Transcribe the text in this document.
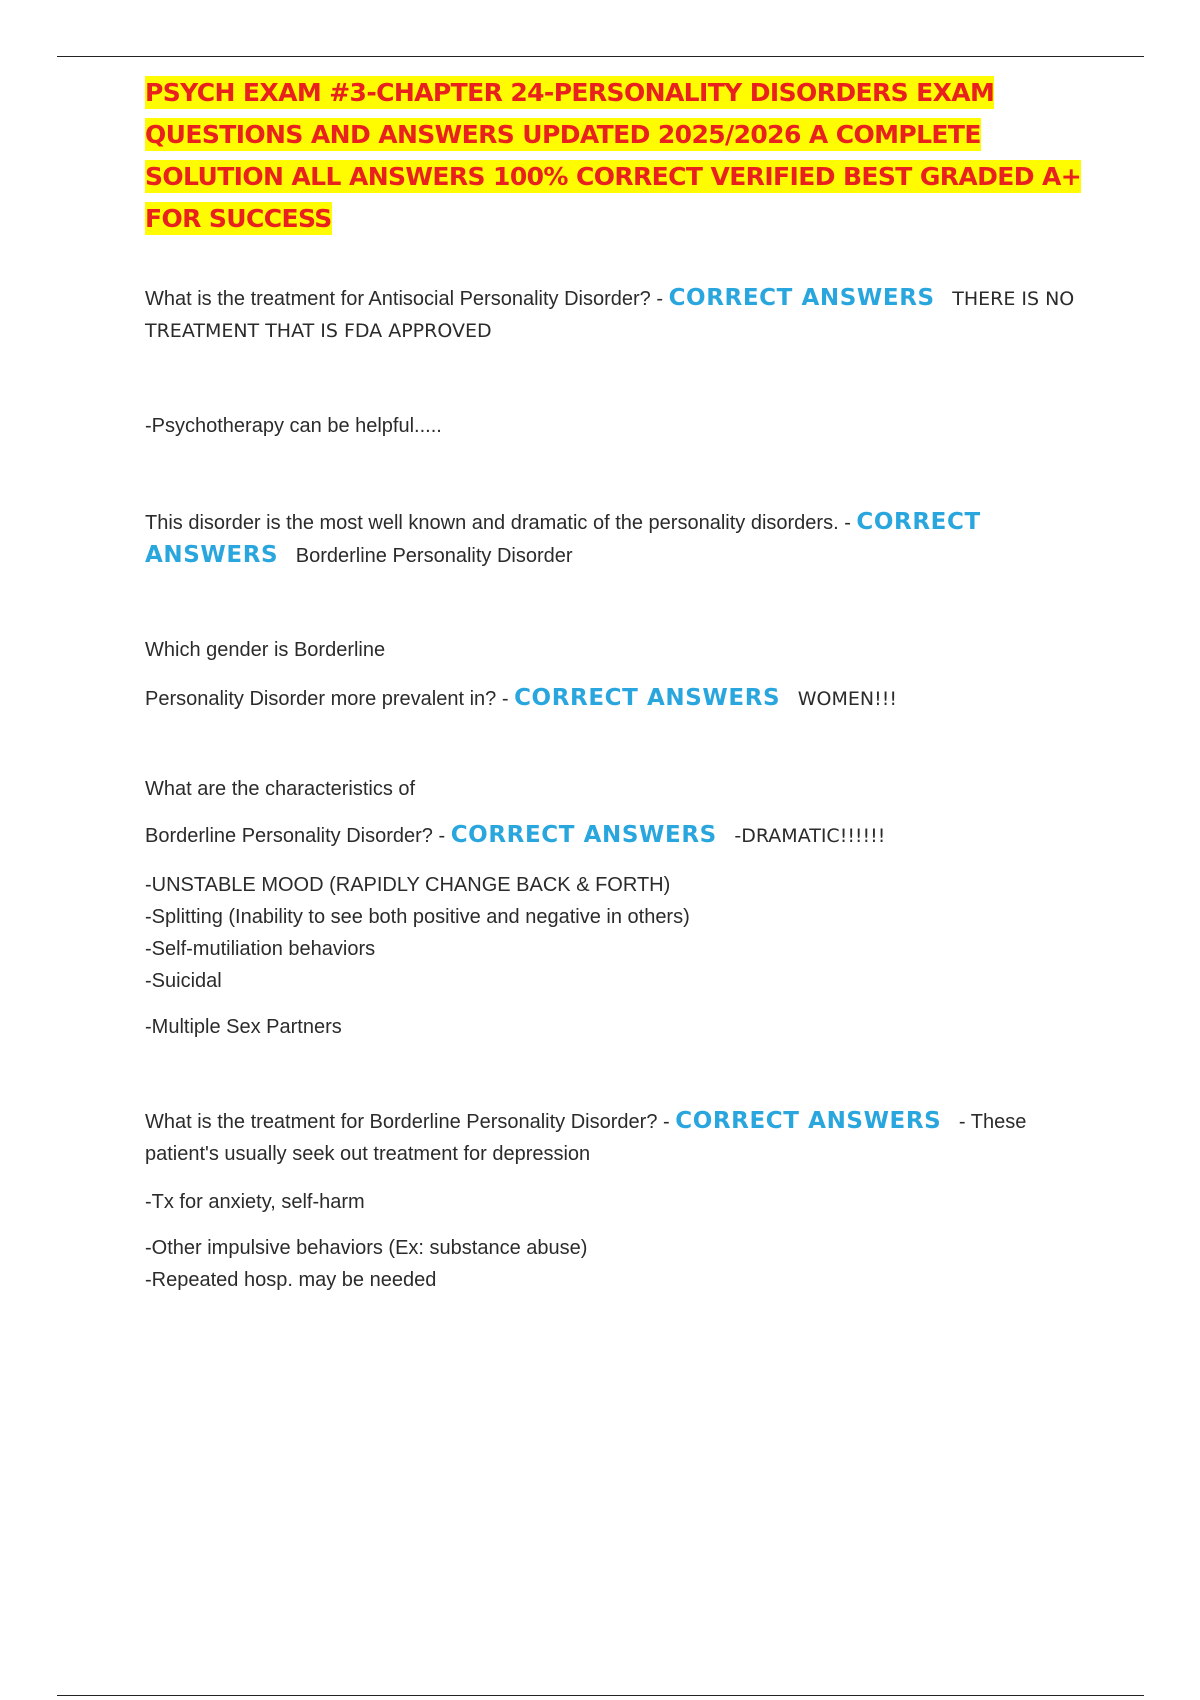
PSYCH EXAM #3-CHAPTER 24-PERSONALITY DISORDERS EXAM QUESTIONS AND ANSWERS UPDATED 2025/2026 A COMPLETE SOLUTION ALL ANSWERS 100% CORRECT VERIFIED BEST GRADED A+ FOR SUCCESS

What is the treatment for Antisocial Personality Disorder? - CORRECT ANSWERS THERE IS NO TREATMENT THAT IS FDA APPROVED

-Psychotherapy can be helpful.....

This disorder is the most well known and dramatic of the personality disorders. - CORRECT ANSWERS Borderline Personality Disorder

Which gender is Borderline

Personality Disorder more prevalent in? - CORRECT ANSWERS WOMEN!!!

What are the characteristics of

Borderline Personality Disorder? - CORRECT ANSWERS -DRAMATIC!!!!!!

-UNSTABLE MOOD (RAPIDLY CHANGE BACK & FORTH)

-Splitting (Inability to see both positive and negative in others)

-Self-mutiliation behaviors

-Suicidal

-Multiple Sex Partners

What is the treatment for Borderline Personality Disorder? - CORRECT ANSWERS - These patient's usually seek out treatment for depression

-Tx for anxiety, self-harm

-Other impulsive behaviors (Ex: substance abuse)

-Repeated hosp. may be needed
